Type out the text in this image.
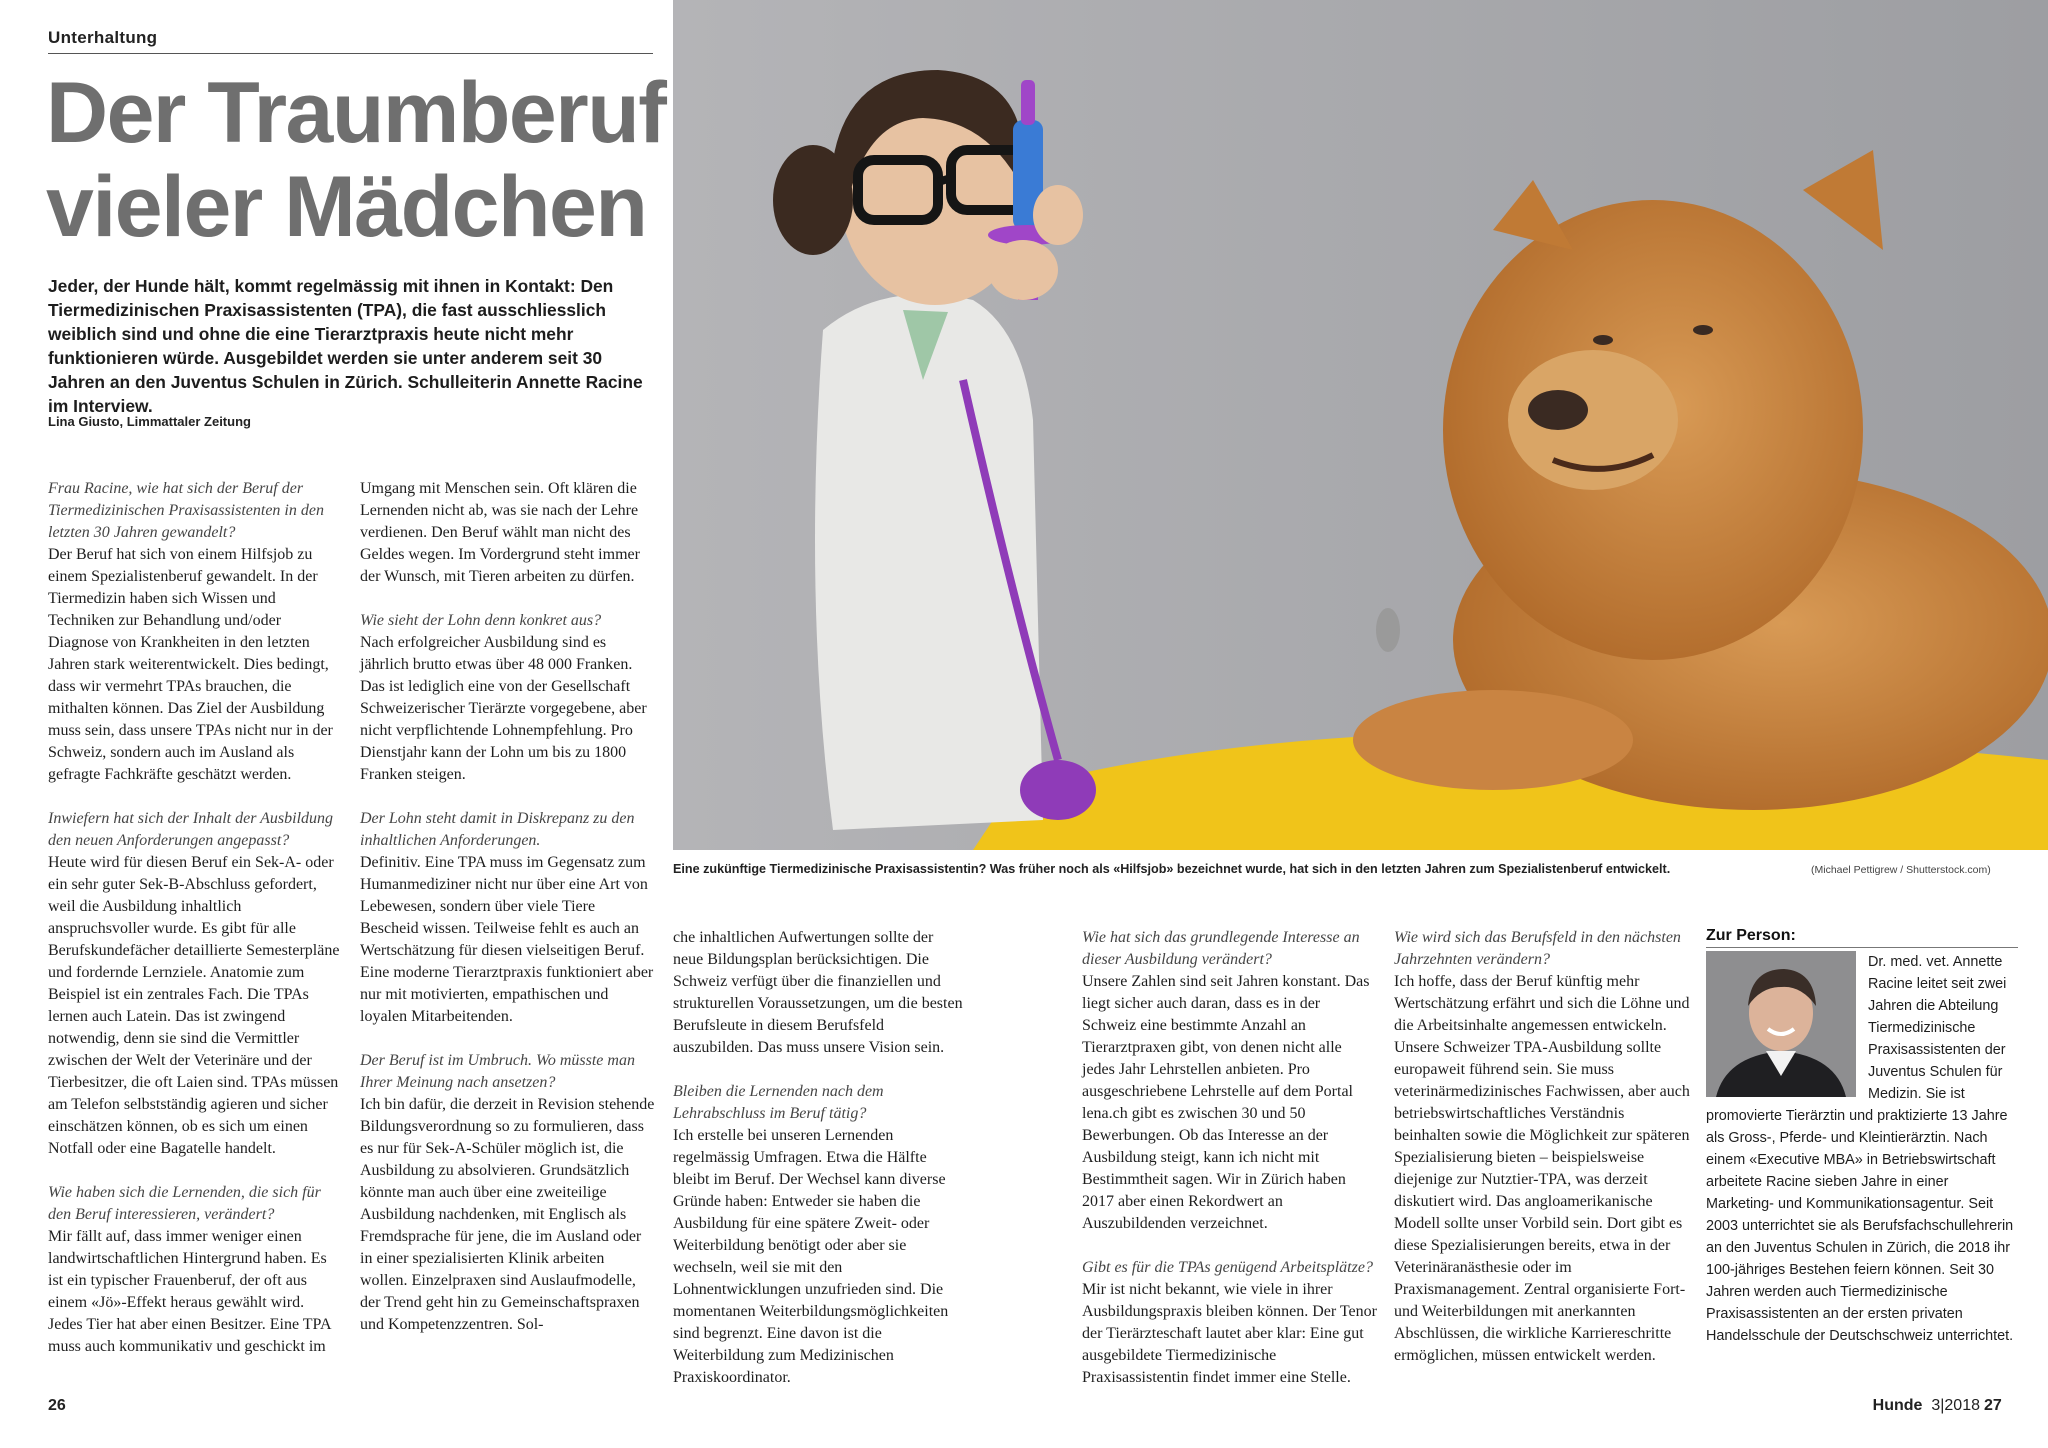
Unterhaltung
Der Traumberuf
vieler Mädchen
Jeder, der Hunde hält, kommt regelmässig mit ihnen in Kontakt: Den Tiermedizinischen Praxisassistenten (TPA), die fast ausschliesslich weiblich sind und ohne die eine Tierarztpraxis heute nicht mehr funktionieren würde. Ausgebildet werden sie unter anderem seit 30 Jahren an den Juventus Schulen in Zürich. Schulleiterin Annette Racine im Interview.
Lina Giusto, Limmattaler Zeitung

Frau Racine, wie hat sich der Beruf der Tiermedizinischen Praxisassistenten in den letzten 30 Jahren gewandelt?
Der Beruf hat sich von einem Hilfsjob zu einem Spezialistenberuf gewandelt. In der Tiermedizin haben sich Wissen und Techniken zur Behandlung und/oder Diagnose von Krankheiten in den letzten Jahren stark weiterentwickelt. Dies bedingt, dass wir vermehrt TPAs brauchen, die mithalten können. Das Ziel der Ausbildung muss sein, dass unsere TPAs nicht nur in der Schweiz, sondern auch im Ausland als gefragte Fachkräfte geschätzt werden.

Inwiefern hat sich der Inhalt der Ausbildung den neuen Anforderungen angepasst?
Heute wird für diesen Beruf ein Sek-A- oder ein sehr guter Sek-B-Abschluss gefordert, weil die Ausbildung inhaltlich anspruchsvoller wurde. Es gibt für alle Berufskundefächer detaillierte Semesterpläne und fordernde Lernziele. Anatomie zum Beispiel ist ein zentrales Fach. Die TPAs lernen auch Latein. Das ist zwingend notwendig, denn sie sind die Vermittler zwischen der Welt der Veterinäre und der Tierbesitzer, die oft Laien sind. TPAs müssen am Telefon selbstständig agieren und sicher einschätzen können, ob es sich um einen Notfall oder eine Bagatelle handelt.

Wie haben sich die Lernenden, die sich für den Beruf interessieren, verändert?
Mir fällt auf, dass immer weniger einen landwirtschaftlichen Hintergrund haben. Es ist ein typischer Frauenberuf, der oft aus einem «Jö»-Effekt heraus gewählt wird. Jedes Tier hat aber einen Besitzer. Eine TPA muss auch kommunikativ und geschickt im

Umgang mit Menschen sein. Oft klären die Lernenden nicht ab, was sie nach der Lehre verdienen. Den Beruf wählt man nicht des Geldes wegen. Im Vordergrund steht immer der Wunsch, mit Tieren arbeiten zu dürfen.

Wie sieht der Lohn denn konkret aus?
Nach erfolgreicher Ausbildung sind es jährlich brutto etwas über 48 000 Franken. Das ist lediglich eine von der Gesellschaft Schweizerischer Tierärzte vorgegebene, aber nicht verpflichtende Lohnempfehlung. Pro Dienstjahr kann der Lohn um bis zu 1800 Franken steigen.

Der Lohn steht damit in Diskrepanz zu den inhaltlichen Anforderungen.
Definitiv. Eine TPA muss im Gegensatz zum Humanmediziner nicht nur über eine Art von Lebewesen, sondern über viele Tiere Bescheid wissen. Teilweise fehlt es auch an Wertschätzung für diesen vielseitigen Beruf. Eine moderne Tierarztpraxis funktioniert aber nur mit motivierten, empathischen und loyalen Mitarbeitenden.

Der Beruf ist im Umbruch. Wo müsste man Ihrer Meinung nach ansetzen?
Ich bin dafür, die derzeit in Revision stehende Bildungsverordnung so zu formulieren, dass es nur für Sek-A-Schüler möglich ist, die Ausbildung zu absolvieren. Grundsätzlich könnte man auch über eine zweiteilige Ausbildung nachdenken, mit Englisch als Fremdsprache für jene, die im Ausland oder in einer spezialisierten Klinik arbeiten wollen. Einzelpraxen sind Auslaufmodelle, der Trend geht hin zu Gemeinschaftspraxen und Kompetenzzentren. Sol-

Eine zukünftige Tiermedizinische Praxisassistentin? Was früher noch als «Hilfsjob» bezeichnet wurde, hat sich in den letzten Jahren zum Spezialistenberuf entwickelt.	(Michael Pettigrew / Shutterstock.com)

che inhaltlichen Aufwertungen sollte der neue Bildungsplan berücksichtigen. Die Schweiz verfügt über die finanziellen und strukturellen Voraussetzungen, um die besten Berufsleute in diesem Berufsfeld auszubilden. Das muss unsere Vision sein.

Bleiben die Lernenden nach dem Lehrabschluss im Beruf tätig?
Ich erstelle bei unseren Lernenden regelmässig Umfragen. Etwa die Hälfte bleibt im Beruf. Der Wechsel kann diverse Gründe haben: Entweder sie haben die Ausbildung für eine spätere Zweit- oder Weiterbildung benötigt oder aber sie wechseln, weil sie mit den Lohnentwicklungen unzufrieden sind. Die momentanen Weiterbildungsmöglichkeiten sind begrenzt. Eine davon ist die Weiterbildung zum Medizinischen Praxiskoordinator.

Wie hat sich das grundlegende Interesse an dieser Ausbildung verändert?
Unsere Zahlen sind seit Jahren konstant. Das liegt sicher auch daran, dass es in der Schweiz eine bestimmte Anzahl an Tierarztpraxen gibt, von denen nicht alle jedes Jahr Lehrstellen anbieten. Pro ausgeschriebene Lehrstelle auf dem Portal lena.ch gibt es zwischen 30 und 50 Bewerbungen. Ob das Interesse an der Ausbildung steigt, kann ich nicht mit Bestimmtheit sagen. Wir in Zürich haben 2017 aber einen Rekordwert an Auszubildenden verzeichnet.

Gibt es für die TPAs genügend Arbeitsplätze?
Mir ist nicht bekannt, wie viele in ihrer Ausbildungspraxis bleiben können. Der Tenor der Tierärzteschaft lautet aber klar: Eine gut ausgebildete Tiermedizinische Praxisassistentin findet immer eine Stelle.

Wie wird sich das Berufsfeld in den nächsten Jahrzehnten verändern?
Ich hoffe, dass der Beruf künftig mehr Wertschätzung erfährt und sich die Löhne und die Arbeitsinhalte angemessen entwickeln. Unsere Schweizer TPA-Ausbildung sollte europaweit führend sein. Sie muss veterinärmedizinisches Fachwissen, aber auch betriebswirtschaftliches Verständnis beinhalten sowie die Möglichkeit zur späteren Spezialisierung bieten – beispielsweise diejenige zur Nutztier-TPA, was derzeit diskutiert wird. Das angloamerikanische Modell sollte unser Vorbild sein. Dort gibt es diese Spezialisierungen bereits, etwa in der Veterinäranästhesie oder im Praxismanagement. Zentral organisierte Fort- und Weiterbildungen mit anerkannten Abschlüssen, die wirkliche Karriereschritte ermöglichen, müssen entwickelt werden.

Zur Person:

Dr. med. vet. Annette Racine leitet seit zwei Jahren die Abteilung Tiermedizinische Praxisassistenten der Juventus Schulen für Medizin. Sie ist promovierte Tierärztin und praktizierte 13 Jahre als Gross-, Pferde- und Kleintierärztin. Nach einem «Executive MBA» in Betriebswirtschaft arbeitete Racine sieben Jahre in einer Marketing- und Kommunikationsagentur. Seit 2003 unterrichtet sie als Berufsfachschullehrerin an den Juventus Schulen in Zürich, die 2018 ihr 100-jähriges Bestehen feiern können. Seit 30 Jahren werden auch Tiermedizinische Praxisassistenten an der ersten privaten Handelsschule der Deutschschweiz unterrichtet.

26	Hunde 3|2018 27
